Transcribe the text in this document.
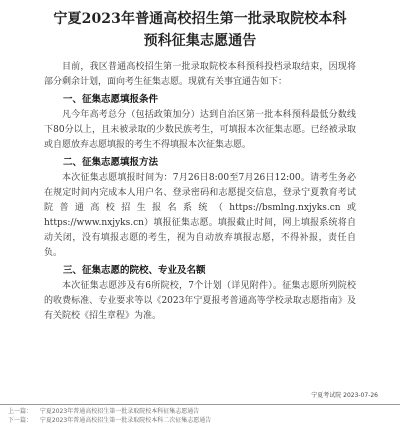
宁夏2023年普通高校招生第一批录取院校本科
预科征集志愿通告

目前，我区普通高校招生第一批录取院校本科预科投档录取结束，因现将部分剩余计划，面向考生征集志愿。现就有关事宜通告如下：

一、征集志愿填报条件

凡今年高考总分（包括政策加分）达到自治区第一批本科预科最低分数线下80分以上，且未被录取的少数民族考生，可填报本次征集志愿。已经被录取或自愿放弃志愿填报的考生不得填报本次征集志愿。

二、征集志愿填报方法

本次征集志愿填报时间为：7月26日8:00至7月26日12:00。请考生务必在规定时间内完成本人用户名、登录密码和志愿提交信息，登录宁夏教育考试院普通高校招生报名系统（https://bsmlng.nxjyks.cn或https://www.nxjyks.cn）填报征集志愿。填报截止时间，网上填报系统将自动关闭，没有填报志愿的考生，视为自动放弃填报志愿，不得补报，责任自负。

三、征集志愿的院校、专业及名额

本次征集志愿涉及有6所院校，7个计划（详见附件）。征集志愿所列院校的收费标准、专业要求等以《2023年宁夏报考普通高等学校录取志愿指南》及有关院校《招生章程》为准。

宁夏考试院 2023-07-26
上一篇： 宁夏2023年普通高校招生第一批录取院校本科征集志愿通告
下一篇： 宁夏2023年普通高校招生第一批录取院校本科二次征集志愿通告
